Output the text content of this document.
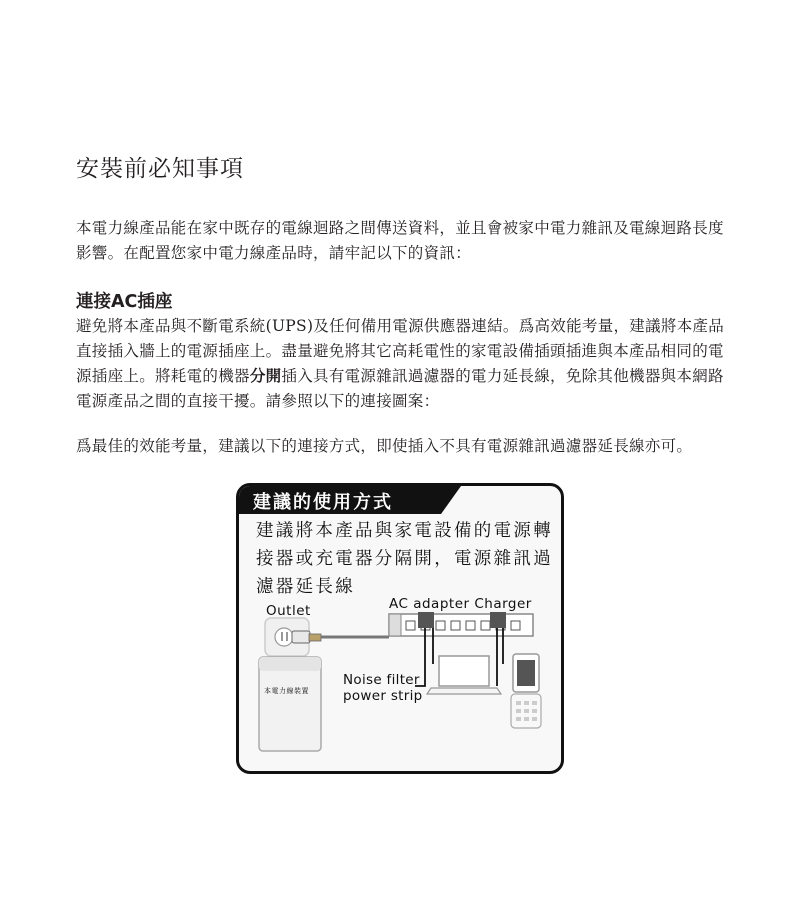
安裝前必知事項

本電力線產品能在家中既存的電線迴路之間傳送資料，並且會被家中電力雜訊及電線迴路長度影響。在配置您家中電力線產品時，請牢記以下的資訊：

連接AC插座

避免將本產品與不斷電系統(UPS)及任何備用電源供應器連結。爲高效能考量，建議將本產品直接插入牆上的電源插座上。盡量避免將其它高耗電性的家電設備插頭插進與本產品相同的電源插座上。將耗電的機器分開插入具有電源雜訊過濾器的電力延長線，免除其他機器與本網路電源產品之間的直接干擾。請參照以下的連接圖案：

爲最佳的效能考量，建議以下的連接方式，即使插入不具有電源雜訊過濾器延長線亦可。

建議的使用方式

建議將本產品與家電設備的電源轉接器或充電器分隔開，電源雜訊過濾器延長線

Outlet	AC adapter Charger
Noise filter
power strip
本電力線裝置
